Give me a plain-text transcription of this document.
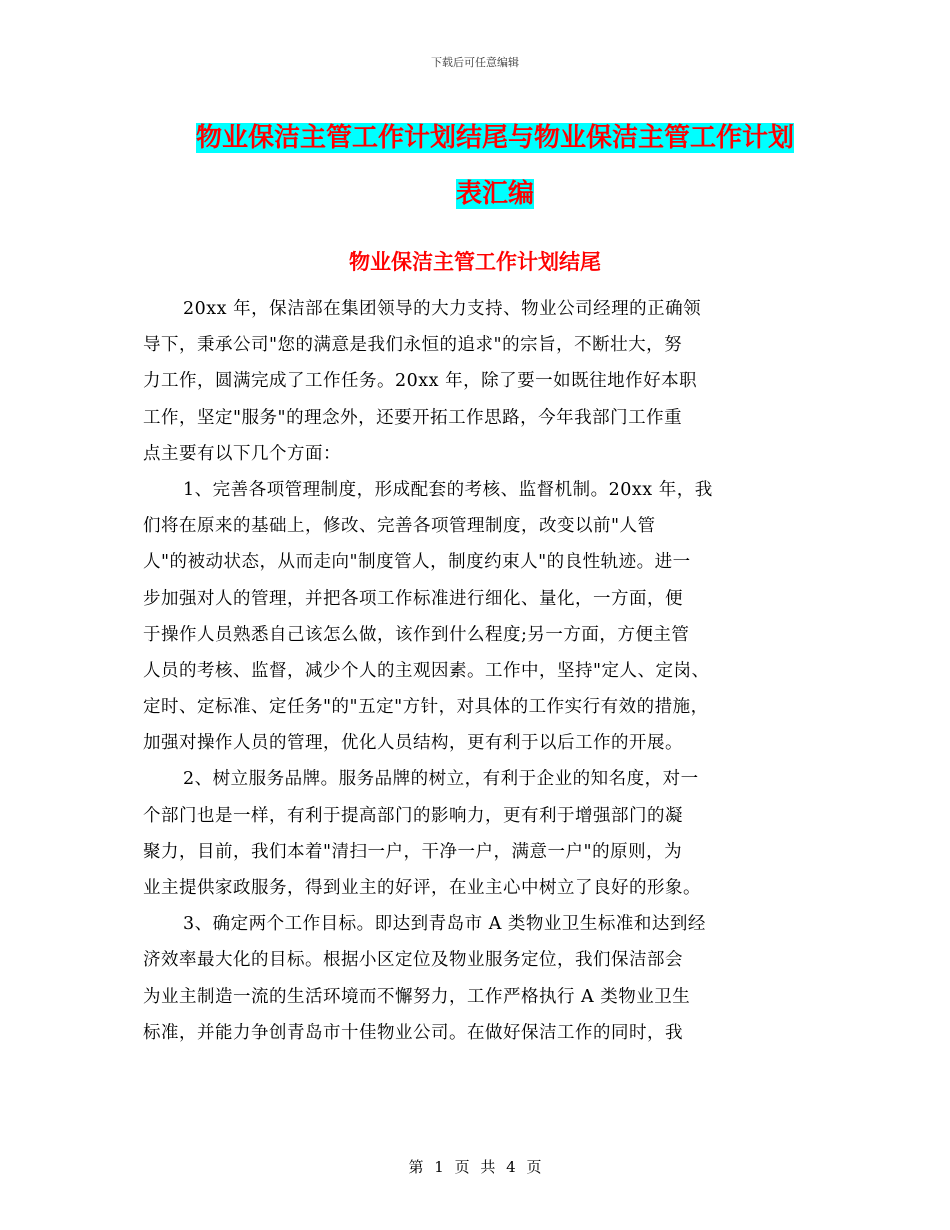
下载后可任意编辑
物业保洁主管工作计划结尾与物业保洁主管工作计划
表汇编
物业保洁主管工作计划结尾
20xx 年，保洁部在集团领导的大力支持、物业公司经理的正确领
导下，秉承公司"您的满意是我们永恒的追求"的宗旨，不断壮大，努
力工作，圆满完成了工作任务。20xx 年，除了要一如既往地作好本职
工作，坚定"服务"的理念外，还要开拓工作思路，今年我部门工作重
点主要有以下几个方面：
1、完善各项管理制度，形成配套的考核、监督机制。20xx 年，我
们将在原来的基础上，修改、完善各项管理制度，改变以前"人管
人"的被动状态，从而走向"制度管人，制度约束人"的良性轨迹。进一
步加强对人的管理，并把各项工作标准进行细化、量化，一方面，便
于操作人员熟悉自己该怎么做，该作到什么程度;另一方面，方便主管
人员的考核、监督，减少个人的主观因素。工作中，坚持"定人、定岗、
定时、定标准、定任务"的"五定"方针，对具体的工作实行有效的措施，
加强对操作人员的管理，优化人员结构，更有利于以后工作的开展。
2、树立服务品牌。服务品牌的树立，有利于企业的知名度，对一
个部门也是一样，有利于提高部门的影响力，更有利于增强部门的凝
聚力，目前，我们本着"清扫一户，干净一户，满意一户"的原则，为
业主提供家政服务，得到业主的好评，在业主心中树立了良好的形象。
3、确定两个工作目标。即达到青岛市 A 类物业卫生标准和达到经
济效率最大化的目标。根据小区定位及物业服务定位，我们保洁部会
为业主制造一流的生活环境而不懈努力，工作严格执行 A 类物业卫生
标准，并能力争创青岛市十佳物业公司。在做好保洁工作的同时，我
第 1 页 共 4 页
